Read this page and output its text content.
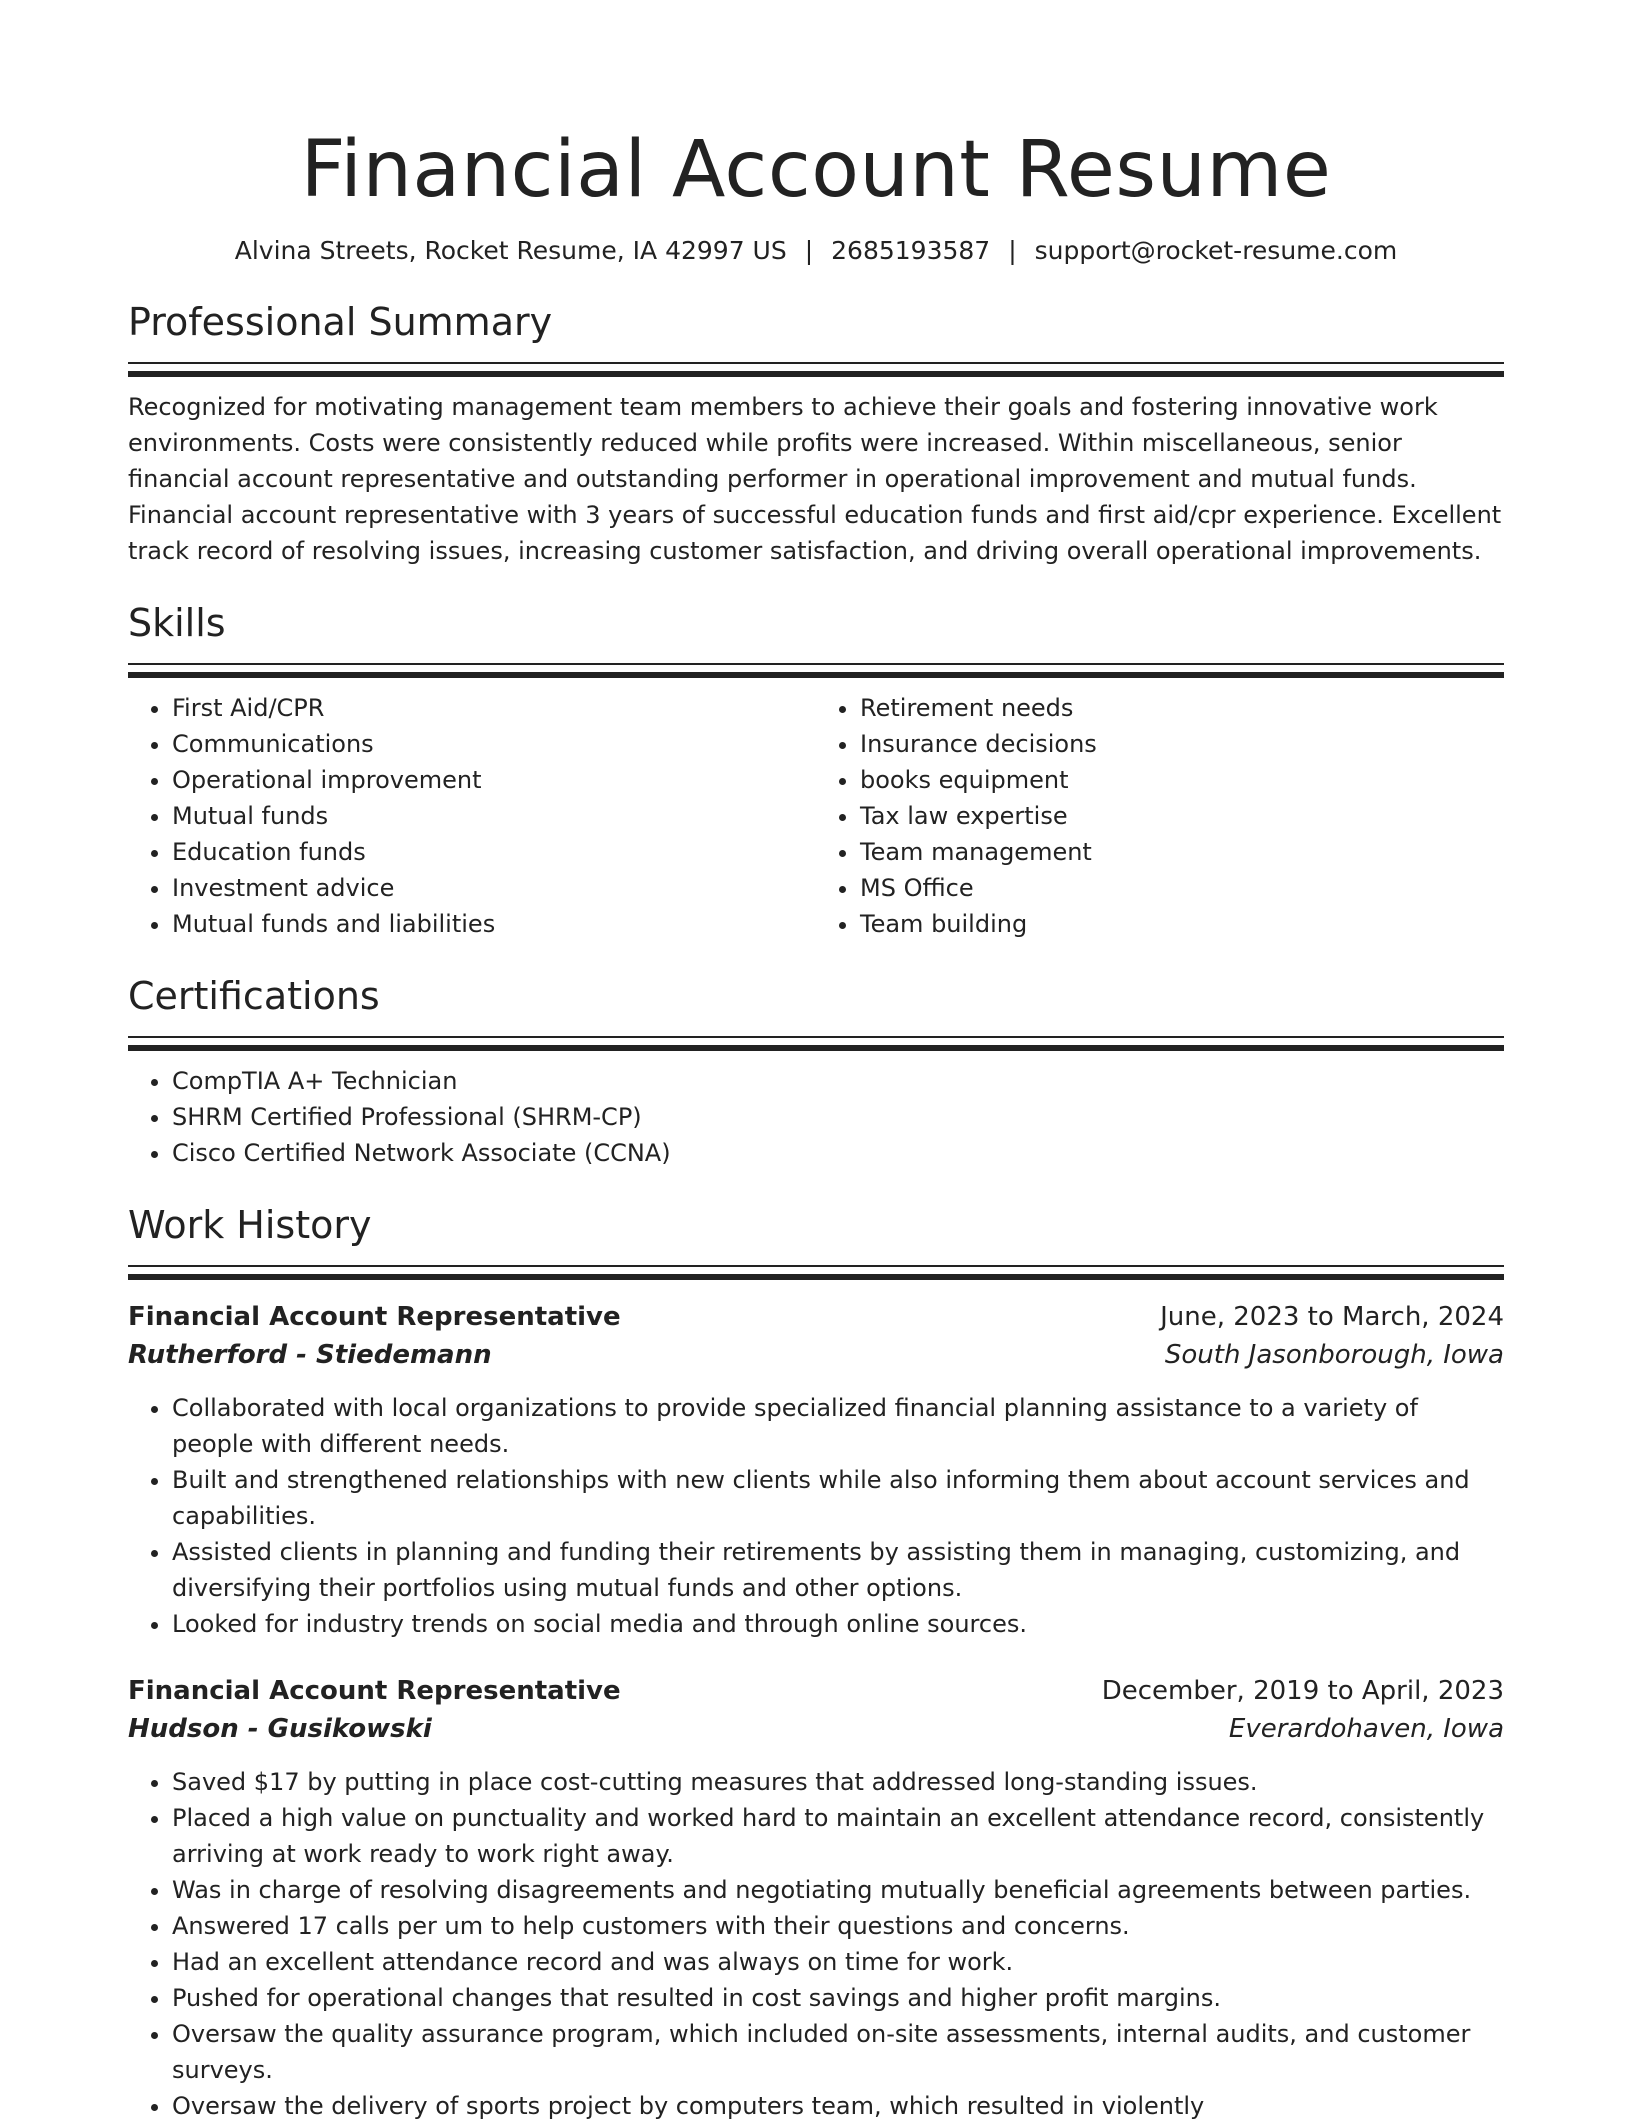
Financial Account Resume
Alvina Streets, Rocket Resume, IA 42997 US | 2685193587 | support@rocket-resume.com
Professional Summary

Recognized for motivating management team members to achieve their goals and fostering innovative work environments. Costs were consistently reduced while profits were increased. Within miscellaneous, senior financial account representative and outstanding performer in operational improvement and mutual funds. Financial account representative with 3 years of successful education funds and first aid/cpr experience. Excellent track record of resolving issues, increasing customer satisfaction, and driving overall operational improvements.

Skills
• First Aid/CPR
• Communications
• Operational improvement
• Mutual funds
• Education funds
• Investment advice
• Mutual funds and liabilities
• Retirement needs
• Insurance decisions
• books equipment
• Tax law expertise
• Team management
• MS Office
• Team building
Certifications
• CompTIA A+ Technician
• SHRM Certified Professional (SHRM-CP)
• Cisco Certified Network Associate (CCNA)
Work History
Financial Account Representative	June, 2023 to March, 2024
Rutherford - Stiedemann	South Jasonborough, Iowa
• Collaborated with local organizations to provide specialized financial planning assistance to a variety of people with different needs.
• Built and strengthened relationships with new clients while also informing them about account services and capabilities.
• Assisted clients in planning and funding their retirements by assisting them in managing, customizing, and diversifying their portfolios using mutual funds and other options.
• Looked for industry trends on social media and through online sources.
Financial Account Representative	December, 2019 to April, 2023
Hudson - Gusikowski	Everardohaven, Iowa
• Saved $17 by putting in place cost-cutting measures that addressed long-standing issues.
• Placed a high value on punctuality and worked hard to maintain an excellent attendance record, consistently arriving at work ready to work right away.
• Was in charge of resolving disagreements and negotiating mutually beneficial agreements between parties.
• Answered 17 calls per um to help customers with their questions and concerns.
• Had an excellent attendance record and was always on time for work.
• Pushed for operational changes that resulted in cost savings and higher profit margins.
• Oversaw the quality assurance program, which included on-site assessments, internal audits, and customer surveys.
• Oversaw the delivery of sports project by computers team, which resulted in violently
